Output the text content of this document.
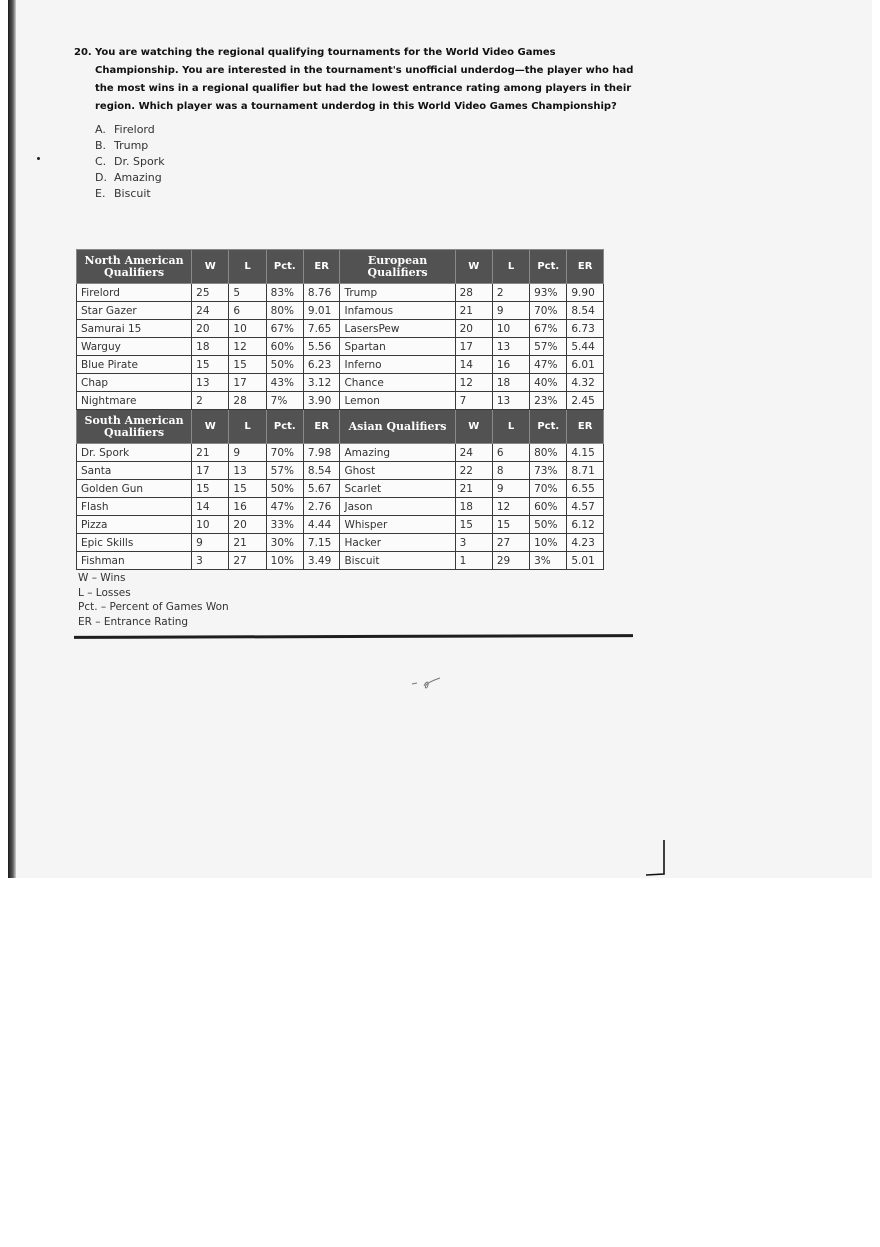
20. You are watching the regional qualifying tournaments for the World Video Games Championship. You are interested in the tournament's unofficial underdog—the player who had the most wins in a regional qualifier but had the lowest entrance rating among players in their region. Which player was a tournament underdog in this World Video Games Championship?
A. Firelord
B. Trump
C. Dr. Spork
D. Amazing
E. Biscuit
North American Qualifiers	W	L	Pct.	ER	European Qualifiers	W	L	Pct.	ER
Firelord	25	5	83%	8.76	Trump	28	2	93%	9.90
Star Gazer	24	6	80%	9.01	Infamous	21	9	70%	8.54
Samurai 15	20	10	67%	7.65	LasersPew	20	10	67%	6.73
Warguy	18	12	60%	5.56	Spartan	17	13	57%	5.44
Blue Pirate	15	15	50%	6.23	Inferno	14	16	47%	6.01
Chap	13	17	43%	3.12	Chance	12	18	40%	4.32
Nightmare	2	28	7%	3.90	Lemon	7	13	23%	2.45
South American Qualifiers	W	L	Pct.	ER	Asian Qualifiers	W	L	Pct.	ER
Dr. Spork	21	9	70%	7.98	Amazing	24	6	80%	4.15
Santa	17	13	57%	8.54	Ghost	22	8	73%	8.71
Golden Gun	15	15	50%	5.67	Scarlet	21	9	70%	6.55
Flash	14	16	47%	2.76	Jason	18	12	60%	4.57
Pizza	10	20	33%	4.44	Whisper	15	15	50%	6.12
Epic Skills	9	21	30%	7.15	Hacker	3	27	10%	4.23
Fishman	3	27	10%	3.49	Biscuit	1	29	3%	5.01
W – Wins
L – Losses
Pct. – Percent of Games Won
ER – Entrance Rating
